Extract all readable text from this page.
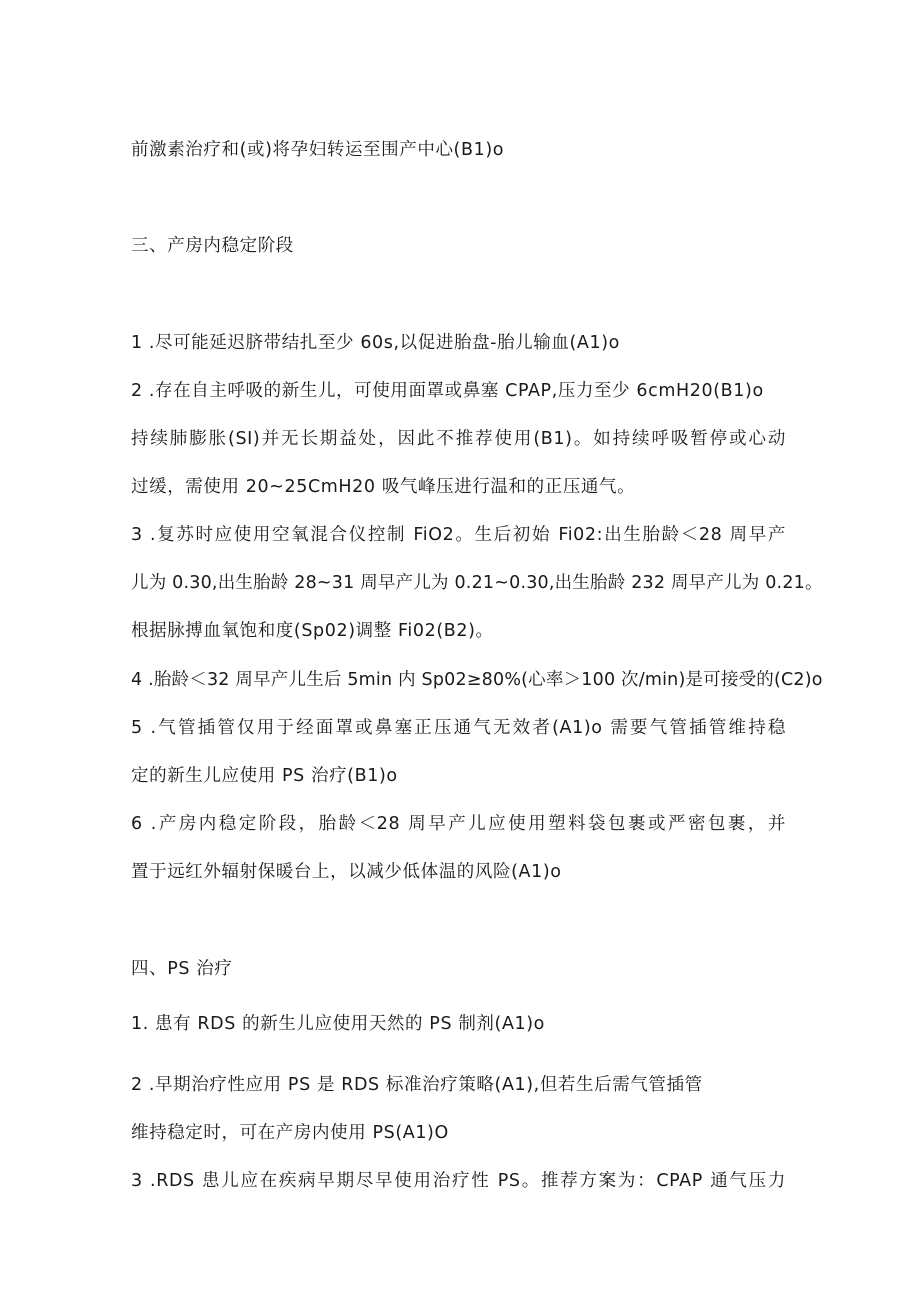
前激素治疗和(或)将孕妇转运至围产中心(B1)o
三、产房内稳定阶段
1 .尽可能延迟脐带结扎至少 60s,以促进胎盘-胎儿输血(A1)o
2 .存在自主呼吸的新生儿，可使用面罩或鼻塞 CPAP,压力至少 6cmH20(B1)o
持续肺膨胀(SI)并无长期益处，因此不推荐使用(B1)。如持续呼吸暂停或心动
过缓，需使用 20~25CmH20 吸气峰压进行温和的正压通气。
3 .复苏时应使用空氧混合仪控制 FiO2。生后初始 Fi02:出生胎龄＜28 周早产
儿为 0.30,出生胎龄 28~31 周早产儿为 0.21~0.30,出生胎龄 232 周早产儿为 0.21。
根据脉搏血氧饱和度(Sp02)调整 Fi02(B2)。
4 .胎龄＜32 周早产儿生后 5min 内 Sp02≥80%(心率＞100 次/min)是可接受的(C2)o
5 .气管插管仅用于经面罩或鼻塞正压通气无效者(A1)o 需要气管插管维持稳
定的新生儿应使用 PS 治疗(B1)o
6 .产房内稳定阶段，胎龄＜28 周早产儿应使用塑料袋包裹或严密包裹，并
置于远红外辐射保暖台上，以减少低体温的风险(A1)o
四、PS 治疗
1. 患有 RDS 的新生儿应使用天然的 PS 制剂(A1)o
2 .早期治疗性应用 PS 是 RDS 标准治疗策略(A1),但若生后需气管插管
维持稳定时，可在产房内使用 PS(A1)O
3 .RDS 患儿应在疾病早期尽早使用治疗性 PS。推荐方案为：CPAP 通气压力
